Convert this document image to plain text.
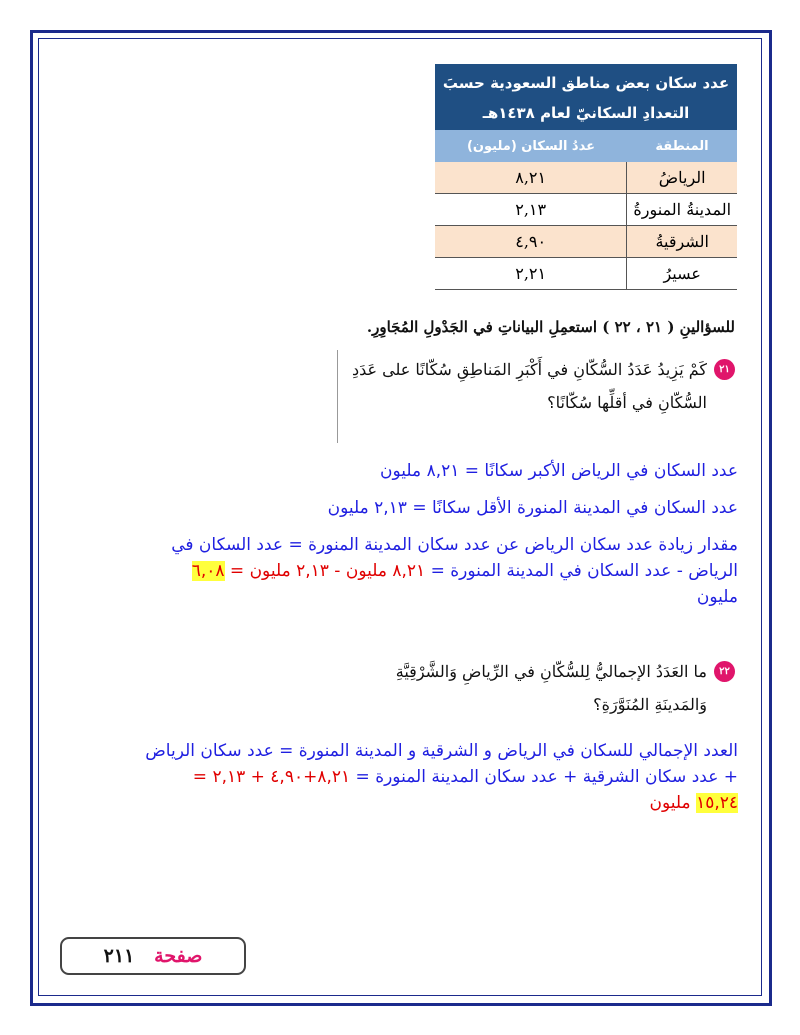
عدد سكان بعض مناطق السعودية حسبَ
التعدادِ السكانيّ لعام ١٤٣٨هـ
المنطقة
عددُ السكان (مليون)
الرياضُ
٨,٢١
المدينةُ المنورةُ
٢,١٣
الشرقيةُ
٤,٩٠
عسيرُ
٢,٢١
للسؤالينِ ( ٢١ ، ٢٢ ) استعمِلِ البياناتِ في الجَدْولِ المُجَاوِرِ.
٢١
كَمْ يَزِيدُ عَدَدُ السُّكّانِ في أَكْبَرِ المَناطِقِ سُكّانًا على عَدَدِ
السُّكّانِ في أقلِّها سُكّانًا؟
عدد السكان في الرياض الأكبر سكانًا = ٨,٢١ مليون
عدد السكان في المدينة المنورة الأقل سكانًا = ٢,١٣ مليون
مقدار زيادة عدد سكان الرياض عن عدد سكان المدينة المنورة = عدد السكان في
الرياض - عدد السكان في المدينة المنورة = ٨,٢١ مليون - ٢,١٣ مليون = ٦,٠٨
مليون
٢٢
ما العَدَدُ الإجماليُّ لِلسُّكّانِ في الرِّياضِ وَالشَّرْقِيَّةِ
وَالمَدينَةِ المُنَوَّرَةِ؟
العدد الإجمالي للسكان في الرياض و الشرقية و المدينة المنورة = عدد سكان الرياض
+ عدد سكان الشرقية + عدد سكان المدينة المنورة = ٨,٢١+٤,٩٠ + ٢,١٣ =
١٥,٢٤ مليون
صفحة   ٢١١
